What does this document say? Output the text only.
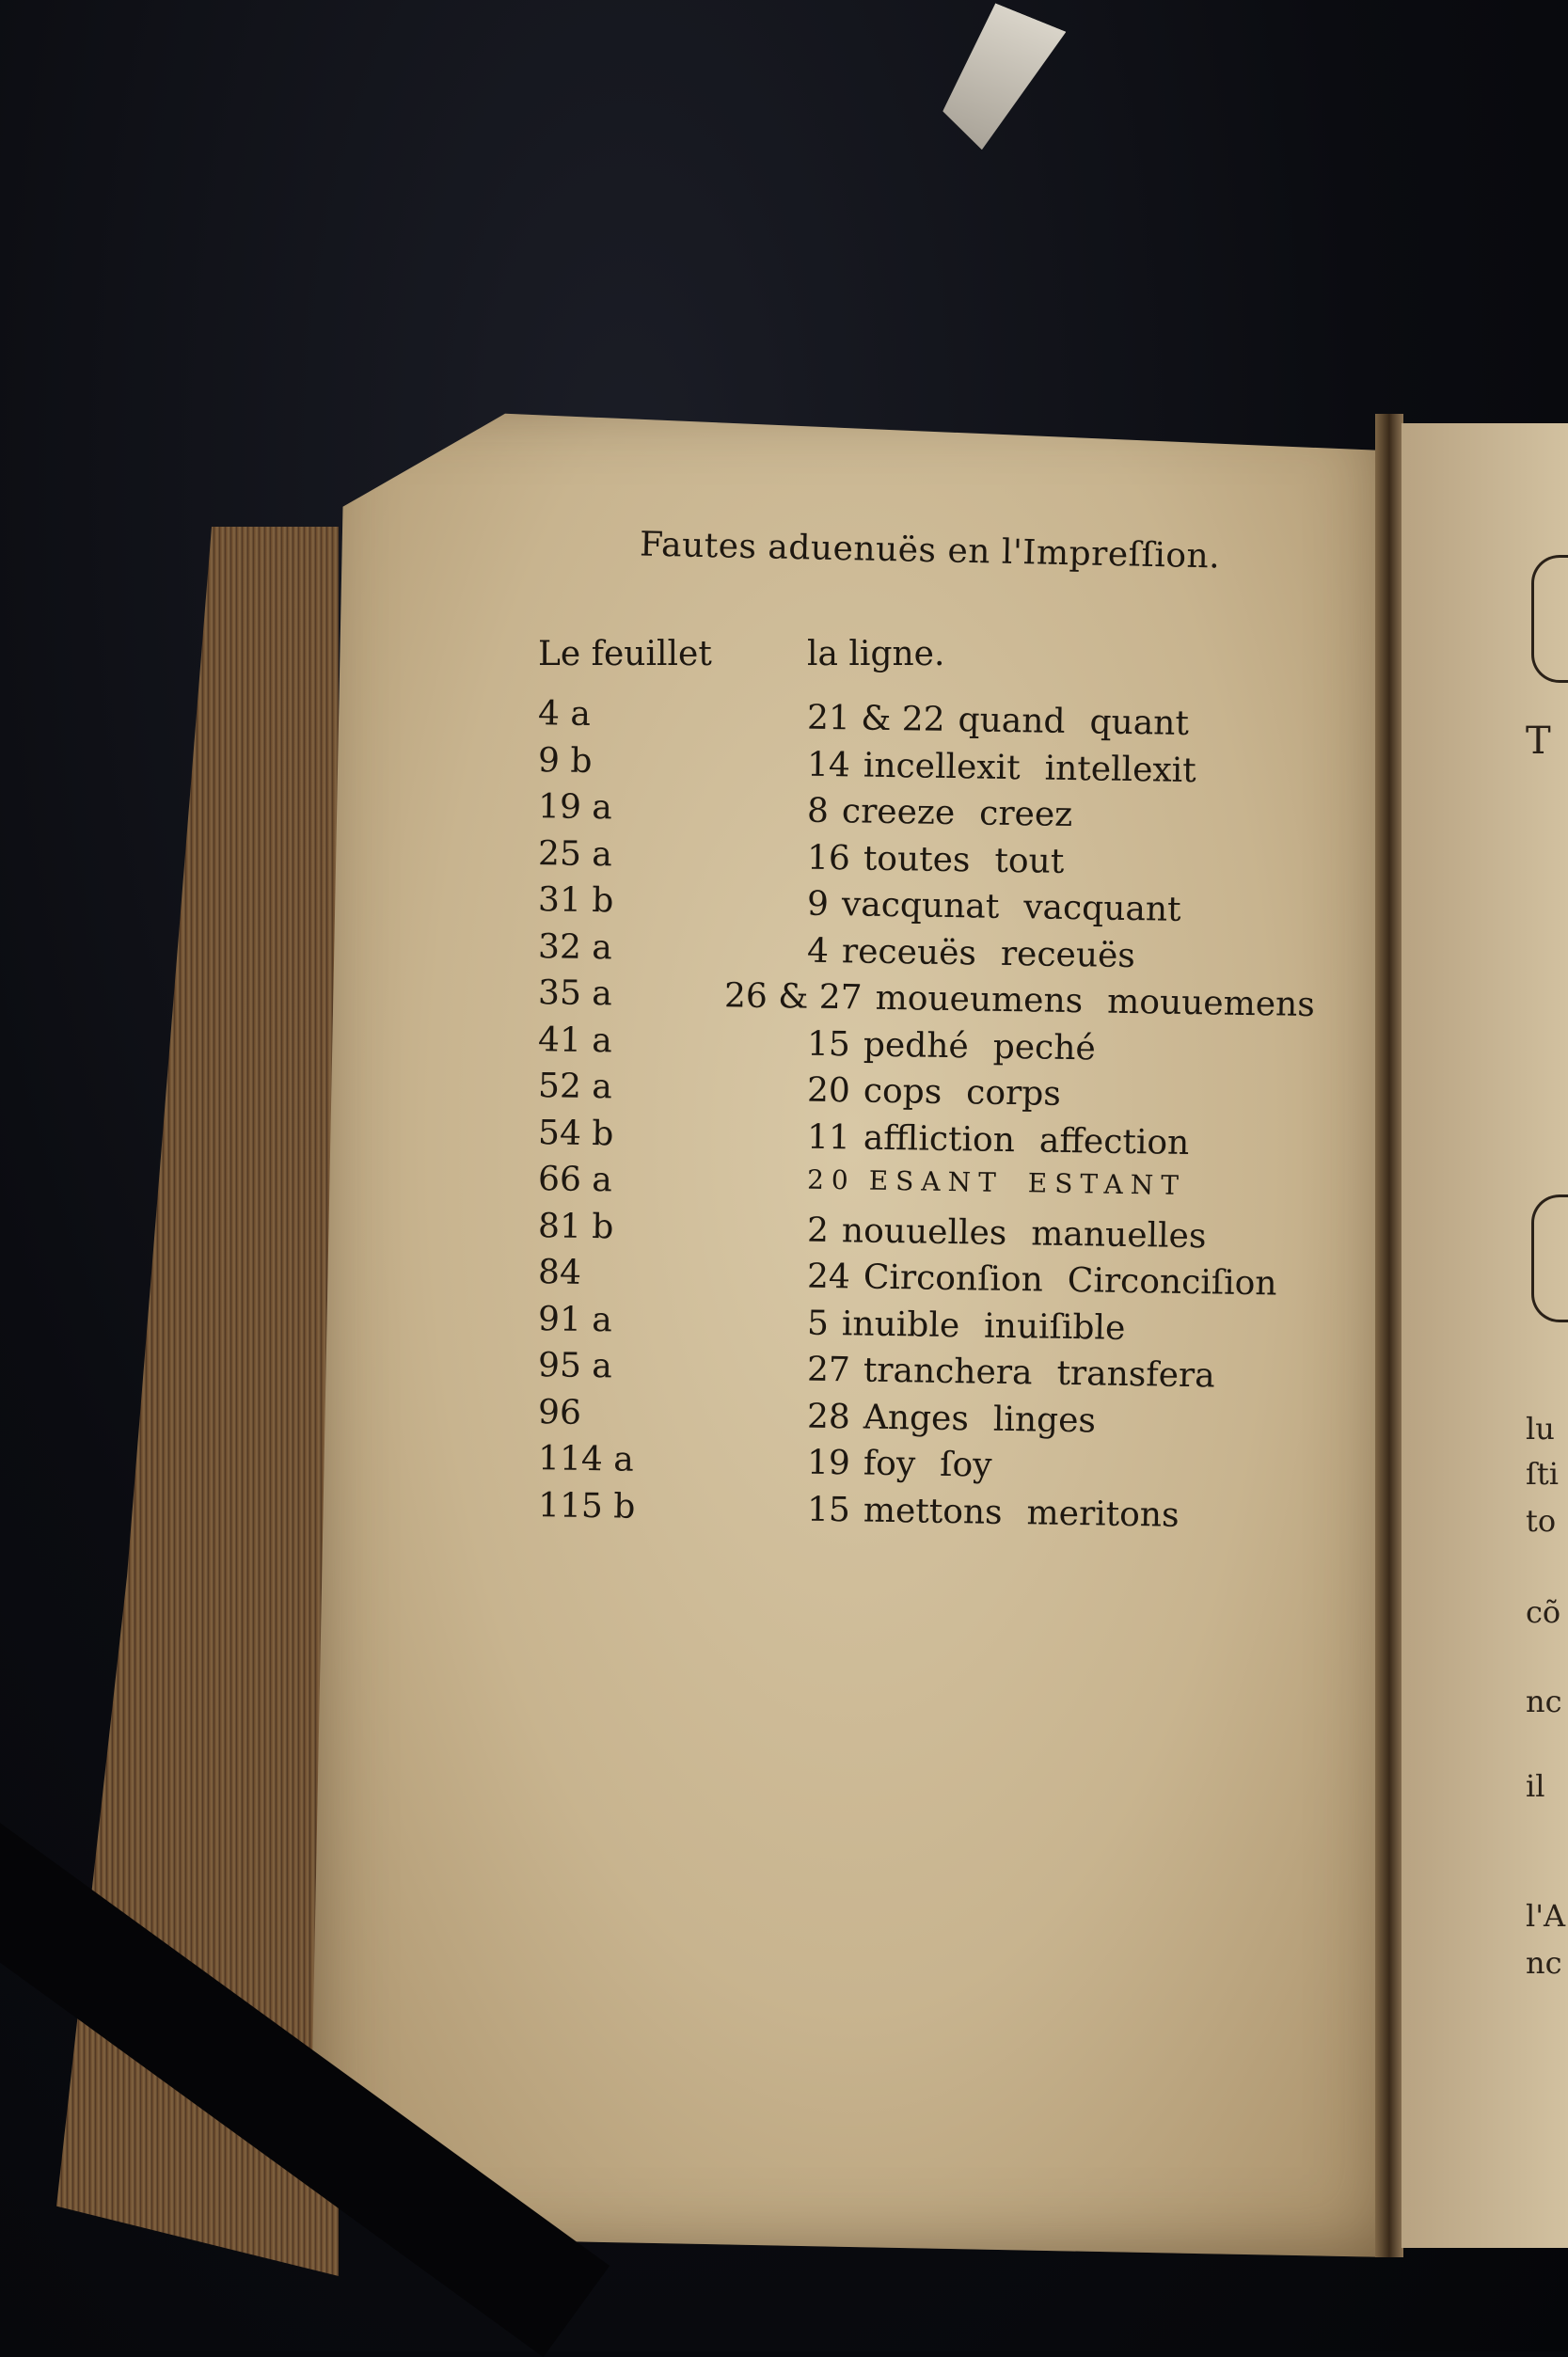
T
lu
ſti
to
cõ
nc
il
l'A
nc
Fautes aduenuës en l'Impreſſion.
Le feuillet	la ligne.
4 a	21 & 22 quand quant
9 b	14 incellexit intellexit
19 a	8 creeze creez
25 a	16 toutes tout
31 b	9 vacqunat vacquant
32 a	4 receuës receuës
35 a	26 & 27 moueumens mouuemens
41 a	15 pedhé peché
52 a	20 cops corps
54 b	11 affliction affection
66 a	20 ESANT ESTANT
81 b	2 nouuelles manuelles
84	24 Circonſion Circonciſion
91 a	5 inuible inuiſible
95 a	27 tranchera transfera
96	28 Anges linges
114 a	19 foy ſoy
115 b	15 mettons meritons
